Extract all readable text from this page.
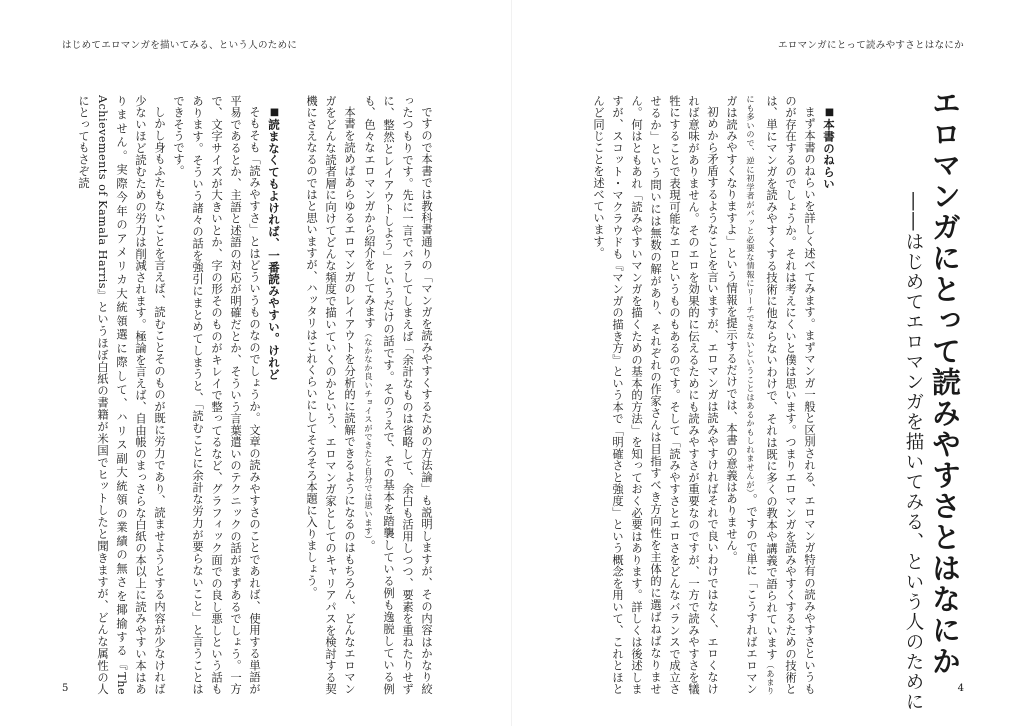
はじめてエロマンガを描いてみる、という人のために	エロマンガにとって読みやすさとはなにか
エロマンガにとって読みやすさとはなにか
――はじめてエロマンガを描いてみる、という人のために

■本書のねらい

まず本書のねらいを詳しく述べてみます。まずマンガ一般と区別される、エロマンガ特有の読みやすさというものが存在するのでしょうか。それは考えにくいと僕は思います。つまりエロマンガを読みやすくするための技術とは、単にマンガを読みやすくする技術に他ならないわけで、それは既に多くの教本や講義で語られています（あまりにも多いので、逆に初学者がパッと必要な情報にリーチできないということはあるかもしれませんが）。ですので単に「こうすればエロマンガは読みやすくなりますよ」という情報を提示するだけでは、本書の意義はありません。

初めから矛盾するようなことを言いますが、エロマンガは読みやすければそれで良いわけではなく、エロくなければ意味がありません。そのエロを効果的に伝えるためにも読みやすさが重要なのですが、一方で読みやすさを犠牲にすることで表現可能なエロというものもあるのです。そして「読みやすさとエロさをどんなバランスで成立させるか」という問いには無数の解があり、それぞれの作家さんは目指すべき方向性を主体的に選ばねばなりません。何はともあれ「読みやすいマンガを描くための基本的方法」を知っておく必要はあります。詳しくは後述しますが、スコット・マクラウドも『マンガの描き方』という本で「明確さと強度」という概念を用いて、これとほとんど同じことを述べています。

ですので本書では教科書通りの「マンガを読みやすくするための方法論」も説明しますが、その内容はかなり絞ったつもりです。先に一言でバラしてしまえば「余計なものは省略して、余白も活用しつつ、要素を重ねたりせずに、整然とレイアウトしよう」というだけの話です。そのうえで、その基本を踏襲している例も逸脱している例も、色々なエロマンガから紹介をしてみます（なかなか良いチョイスができたと自分では思います）。

本書を読めばあらゆるエロマンガのレイアウトを分析的に読解できるようになるのはもちろん、どんなエロマンガをどんな読者層に向けてどんな頻度で描いていくのかという、エロマンガ家としてのキャリアパスを検討する契機にさえなるのではと思いますが、ハッタリはこれくらいにしてそろそろ本題に入りましょう。

■読まなくてもよければ、一番読みやすい。けれど

そもそも「読みやすさ」とはどういうものなのでしょうか。文章の読みやすさのことであれば、使用する単語が平易であるとか、主語と述語の対応が明確だとか、そういう言葉遣いのテクニックの話がまずあるでしょう。一方で、文字サイズが大きいとか、字の形そのものがキレイで整ってるなど、グラフィック面での良し悪しという話もあります。そういう諸々の話を強引にまとめてしまうと、「読むことに余計な労力が要らないこと」と言うことはできそうです。

しかし身もふたもないことを言えば、読むことそのものが既に労力であり、読ませようとする内容が少なければ少ないほど読むための労力は削減されます。極論を言えば、自由帳のまっさらな白紙の本以上に読みやすい本はありません。実際今年のアメリカ大統領選に際して、ハリス副大統領の業績の無さを揶揄する『The Achievements of Kamala Harris』というほぼ白紙の書籍が米国でヒットしたと聞きますが、どんな属性の人にとってもさぞ読

5	4
